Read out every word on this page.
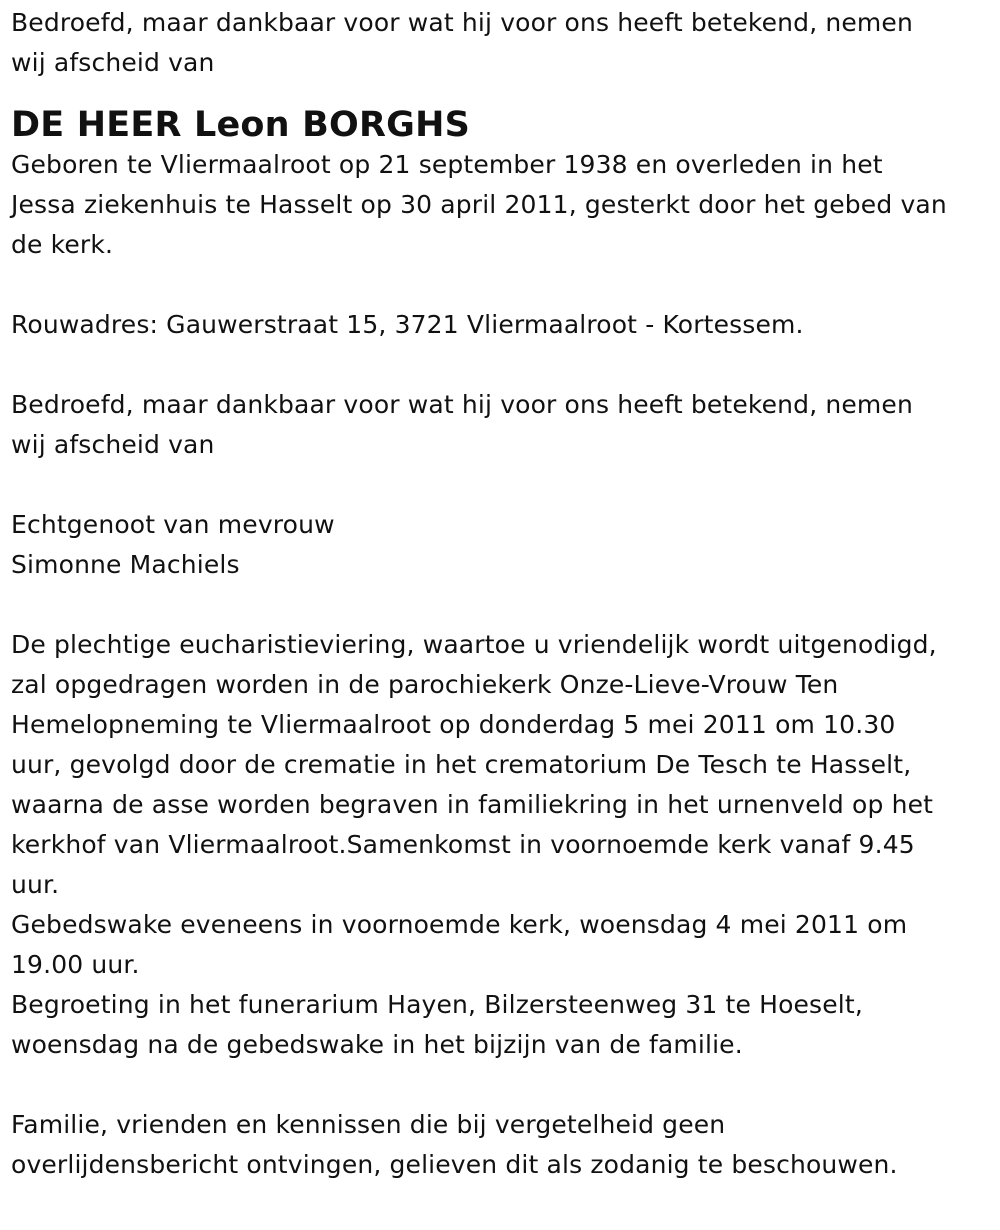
Bedroefd, maar dankbaar voor wat hij voor ons heeft betekend, nemen
wij afscheid van

DE HEER Leon BORGHS

Geboren te Vliermaalroot op 21 september 1938 en overleden in het
Jessa ziekenhuis te Hasselt op 30 april 2011, gesterkt door het gebed van
de kerk.

Rouwadres: Gauwerstraat 15, 3721 Vliermaalroot - Kortessem.

Bedroefd, maar dankbaar voor wat hij voor ons heeft betekend, nemen
wij afscheid van

Echtgenoot van mevrouw
Simonne Machiels

De plechtige eucharistieviering, waartoe u vriendelijk wordt uitgenodigd,
zal opgedragen worden in de parochiekerk Onze-Lieve-Vrouw Ten
Hemelopneming te Vliermaalroot op donderdag 5 mei 2011 om 10.30
uur, gevolgd door de crematie in het crematorium De Tesch te Hasselt,
waarna de asse worden begraven in familiekring in het urnenveld op het
kerkhof van Vliermaalroot.Samenkomst in voornoemde kerk vanaf 9.45
uur.
Gebedswake eveneens in voornoemde kerk, woensdag 4 mei 2011 om
19.00 uur.
Begroeting in het funerarium Hayen, Bilzersteenweg 31 te Hoeselt,
woensdag na de gebedswake in het bijzijn van de familie.

Familie, vrienden en kennissen die bij vergetelheid geen
overlijdensbericht ontvingen, gelieven dit als zodanig te beschouwen.
